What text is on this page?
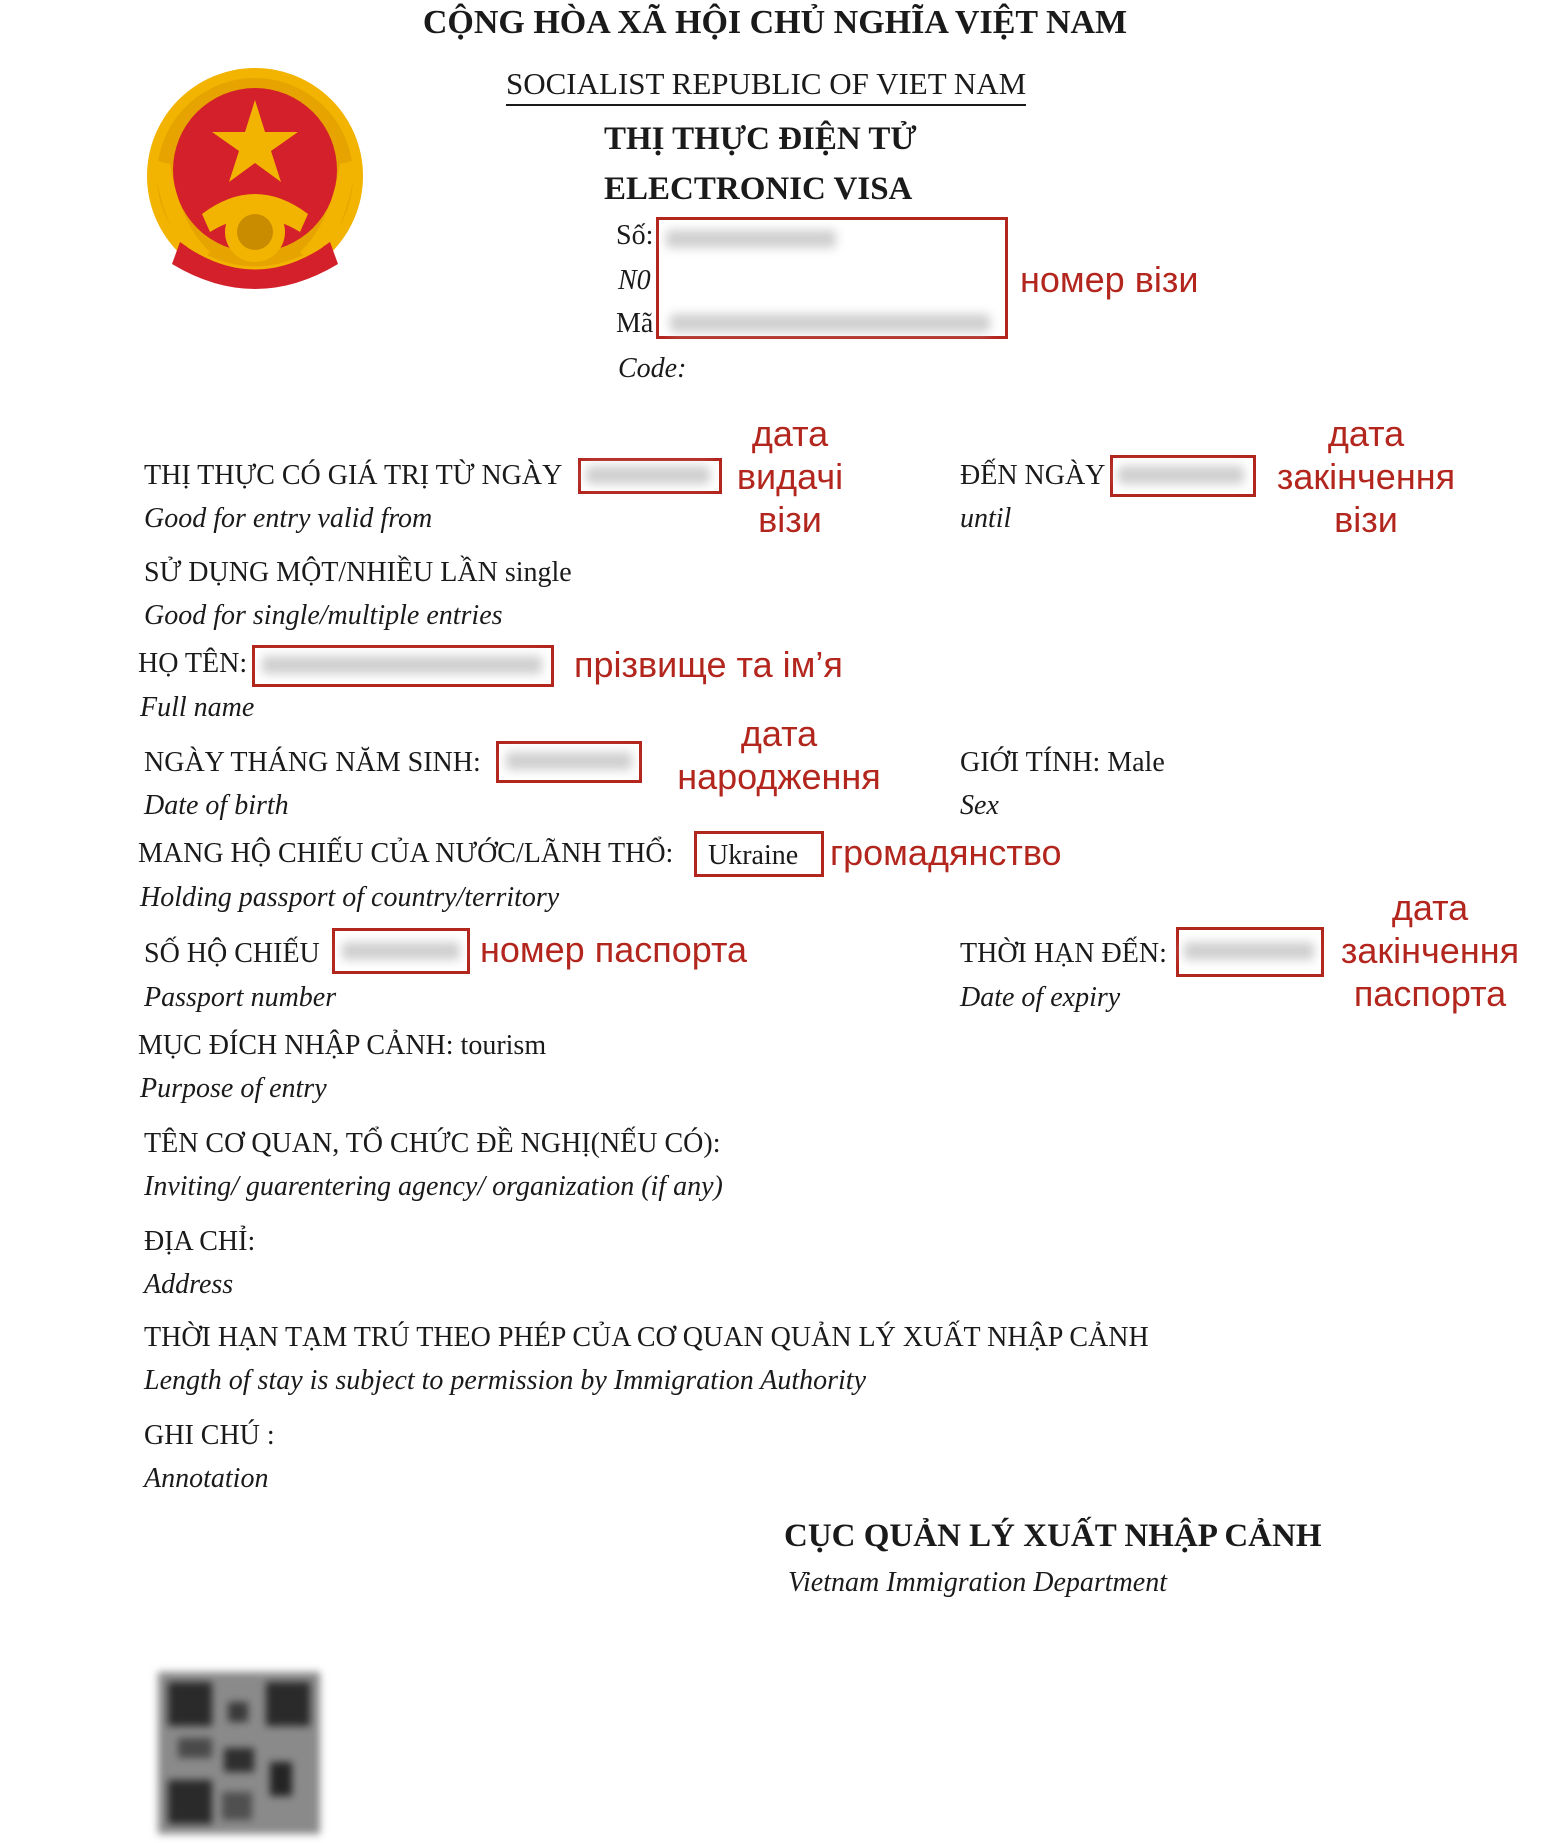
CỘNG HÒA XÃ HỘI CHỦ NGHĨA VIỆT NAM
SOCIALIST REPUBLIC OF VIET NAM
THỊ THỰC ĐIỆN TỬ
ELECTRONIC VISA
Số:
N0
Mã
Code:
номер візи
THỊ THỰC CÓ GIÁ TRỊ TỪ NGÀY
Good for entry valid from
дата
видачі
візи
ĐẾN NGÀY
until
дата
закінчення
візи
SỬ DỤNG MỘT/NHIỀU LẦN single
Good for single/multiple entries
HỌ TÊN:
Full name
прізвище та ім’я
NGÀY THÁNG NĂM SINH:
Date of birth
дата
народження	GIỚI TÍNH: Male
Sex
MANG HỘ CHIẾU CỦA NƯỚC/LÃNH THỔ:
Holding passport of country/territory
Ukraine громадянство
SỐ HỘ CHIẾU
Passport number
номер паспорта	THỜI HẠN ĐẾN:
Date of expiry
дата
закінчення
паспорта
MỤC ĐÍCH NHẬP CẢNH: tourism
Purpose of entry
TÊN CƠ QUAN, TỔ CHỨC ĐỀ NGHỊ(NẾU CÓ):
Inviting/ guarentering agency/ organization (if any)
ĐỊA CHỈ:
Address
THỜI HẠN TẠM TRÚ THEO PHÉP CỦA CƠ QUAN QUẢN LÝ XUẤT NHẬP CẢNH
Length of stay is subject to permission by Immigration Authority
GHI CHÚ :
Annotation
CỤC QUẢN LÝ XUẤT NHẬP CẢNH
Vietnam Immigration Department
